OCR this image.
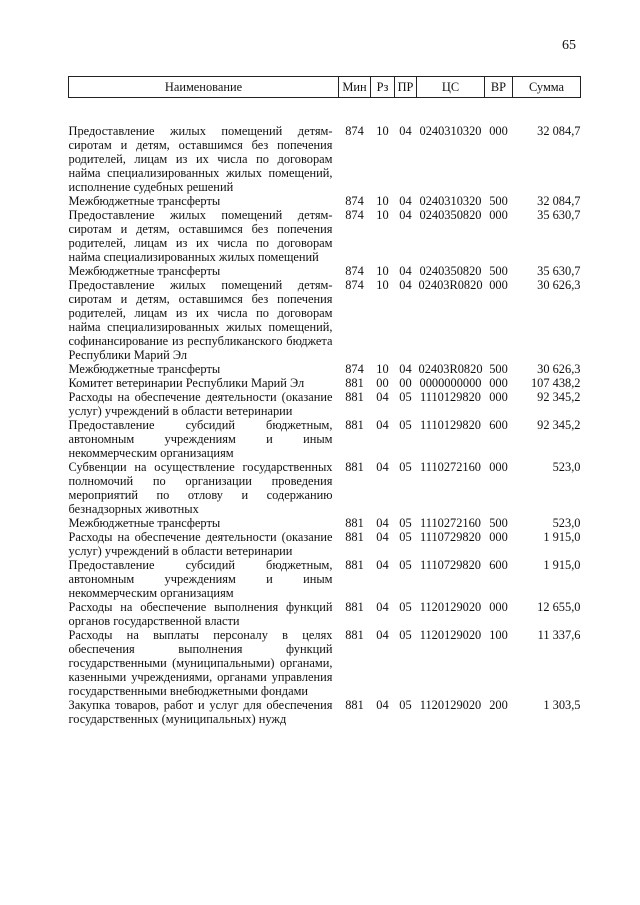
65
Наименование	Мин	Рз	ПР	ЦС	ВР	Сумма
Предоставление жилых помещений детям-сиротам и детям, оставшимся без попечения родителей, лицам из их числа по договорам найма специализированных жилых помещений, исполнение судебных решений	874	10	04	0240310320	000	32 084,7
Межбюджетные трансферты	874	10	04	0240310320	500	32 084,7
Предоставление жилых помещений детям-сиротам и детям, оставшимся без попечения родителей, лицам из их числа по договорам найма специализированных жилых помещений	874	10	04	0240350820	000	35 630,7
Межбюджетные трансферты	874	10	04	0240350820	500	35 630,7
Предоставление жилых помещений детям-сиротам и детям, оставшимся без попечения родителей, лицам из их числа по договорам найма специализированных жилых помещений, софинансирование из республиканского бюджета Республики Марий Эл	874	10	04	02403R0820	000	30 626,3
Межбюджетные трансферты	874	10	04	02403R0820	500	30 626,3
Комитет ветеринарии Республики Марий Эл	881	00	00	0000000000	000	107 438,2
Расходы на обеспечение деятельности (оказание услуг) учреждений в области ветеринарии	881	04	05	1110129820	000	92 345,2
Предоставление субсидий бюджетным, автономным учреждениям и иным некоммерческим организациям	881	04	05	1110129820	600	92 345,2
Субвенции на осуществление государственных полномочий по организации проведения мероприятий по отлову и содержанию безнадзорных животных	881	04	05	1110272160	000	523,0
Межбюджетные трансферты	881	04	05	1110272160	500	523,0
Расходы на обеспечение деятельности (оказание услуг) учреждений в области ветеринарии	881	04	05	1110729820	000	1 915,0
Предоставление субсидий бюджетным, автономным учреждениям и иным некоммерческим организациям	881	04	05	1110729820	600	1 915,0
Расходы на обеспечение выполнения функций органов государственной власти	881	04	05	1120129020	000	12 655,0
Расходы на выплаты персоналу в целях обеспечения выполнения функций государственными (муниципальными) органами, казенными учреждениями, органами управления государственными внебюджетными фондами	881	04	05	1120129020	100	11 337,6
Закупка товаров, работ и услуг для обеспечения государственных (муниципальных) нужд	881	04	05	1120129020	200	1 303,5
